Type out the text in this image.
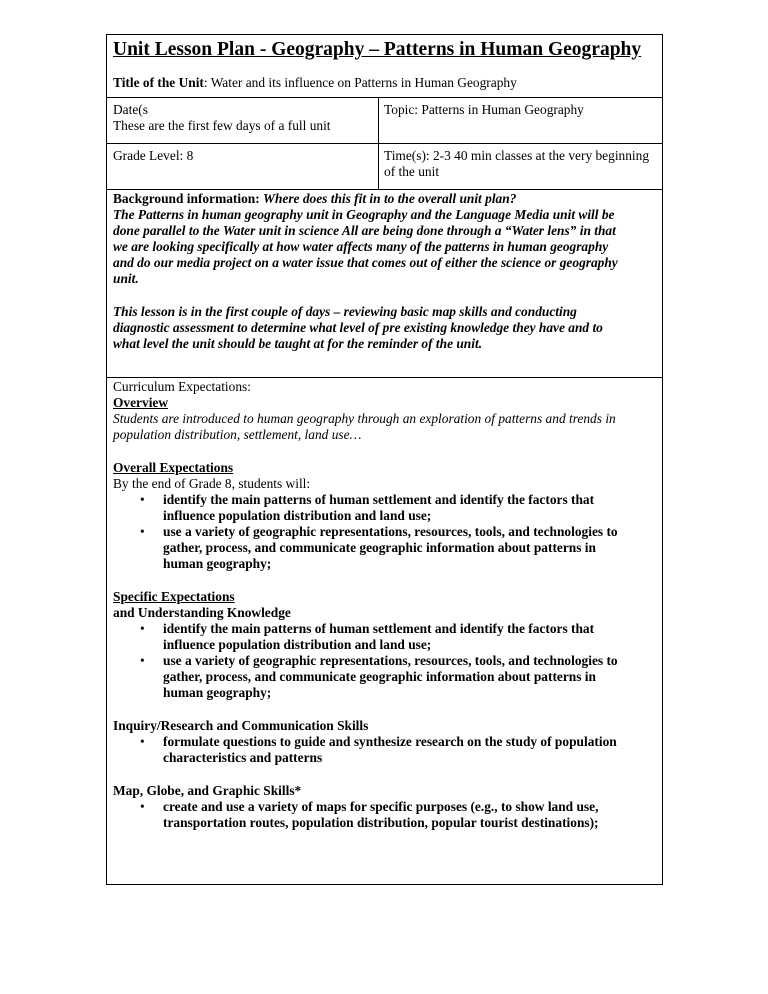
Unit Lesson Plan - Geography – Patterns in Human Geography
Title of the Unit: Water and its influence on Patterns in Human Geography
Date(s
These are the first few days of a full unit
Topic: Patterns in Human Geography
Grade Level: 8	Time(s): 2-3 40 min classes at the very beginning
of the unit

Background information: Where does this fit in to the overall unit plan?

The Patterns in human geography unit in Geography and the Language Media unit will be

done parallel to the Water unit in science All are being done through a “Water lens” in that

we are looking specifically at how water affects many of the patterns in human geography

and do our media project on a water issue that comes out of either the science or geography

unit.

This lesson is in the first couple of days – reviewing basic map skills and conducting

diagnostic assessment to determine what level of pre existing knowledge they have and to

what level the unit should be taught at for the reminder of the unit.

Curriculum Expectations:

Overview

Students are introduced to human geography through an exploration of patterns and trends in

population distribution, settlement, land use…

Overall Expectations

By the end of Grade 8, students will:

• identify the main patterns of human settlement and identify the factors that
influence population distribution and land use;
• use a variety of geographic representations, resources, tools, and technologies to
gather, process, and communicate geographic information about patterns in
human geography;

Specific Expectations

and Understanding Knowledge

• identify the main patterns of human settlement and identify the factors that
influence population distribution and land use;
• use a variety of geographic representations, resources, tools, and technologies to
gather, process, and communicate geographic information about patterns in
human geography;

Inquiry/Research and Communication Skills

• formulate questions to guide and synthesize research on the study of population
characteristics and patterns

Map, Globe, and Graphic Skills*

• create and use a variety of maps for specific purposes (e.g., to show land use,
transportation routes, population distribution, popular tourist destinations);
